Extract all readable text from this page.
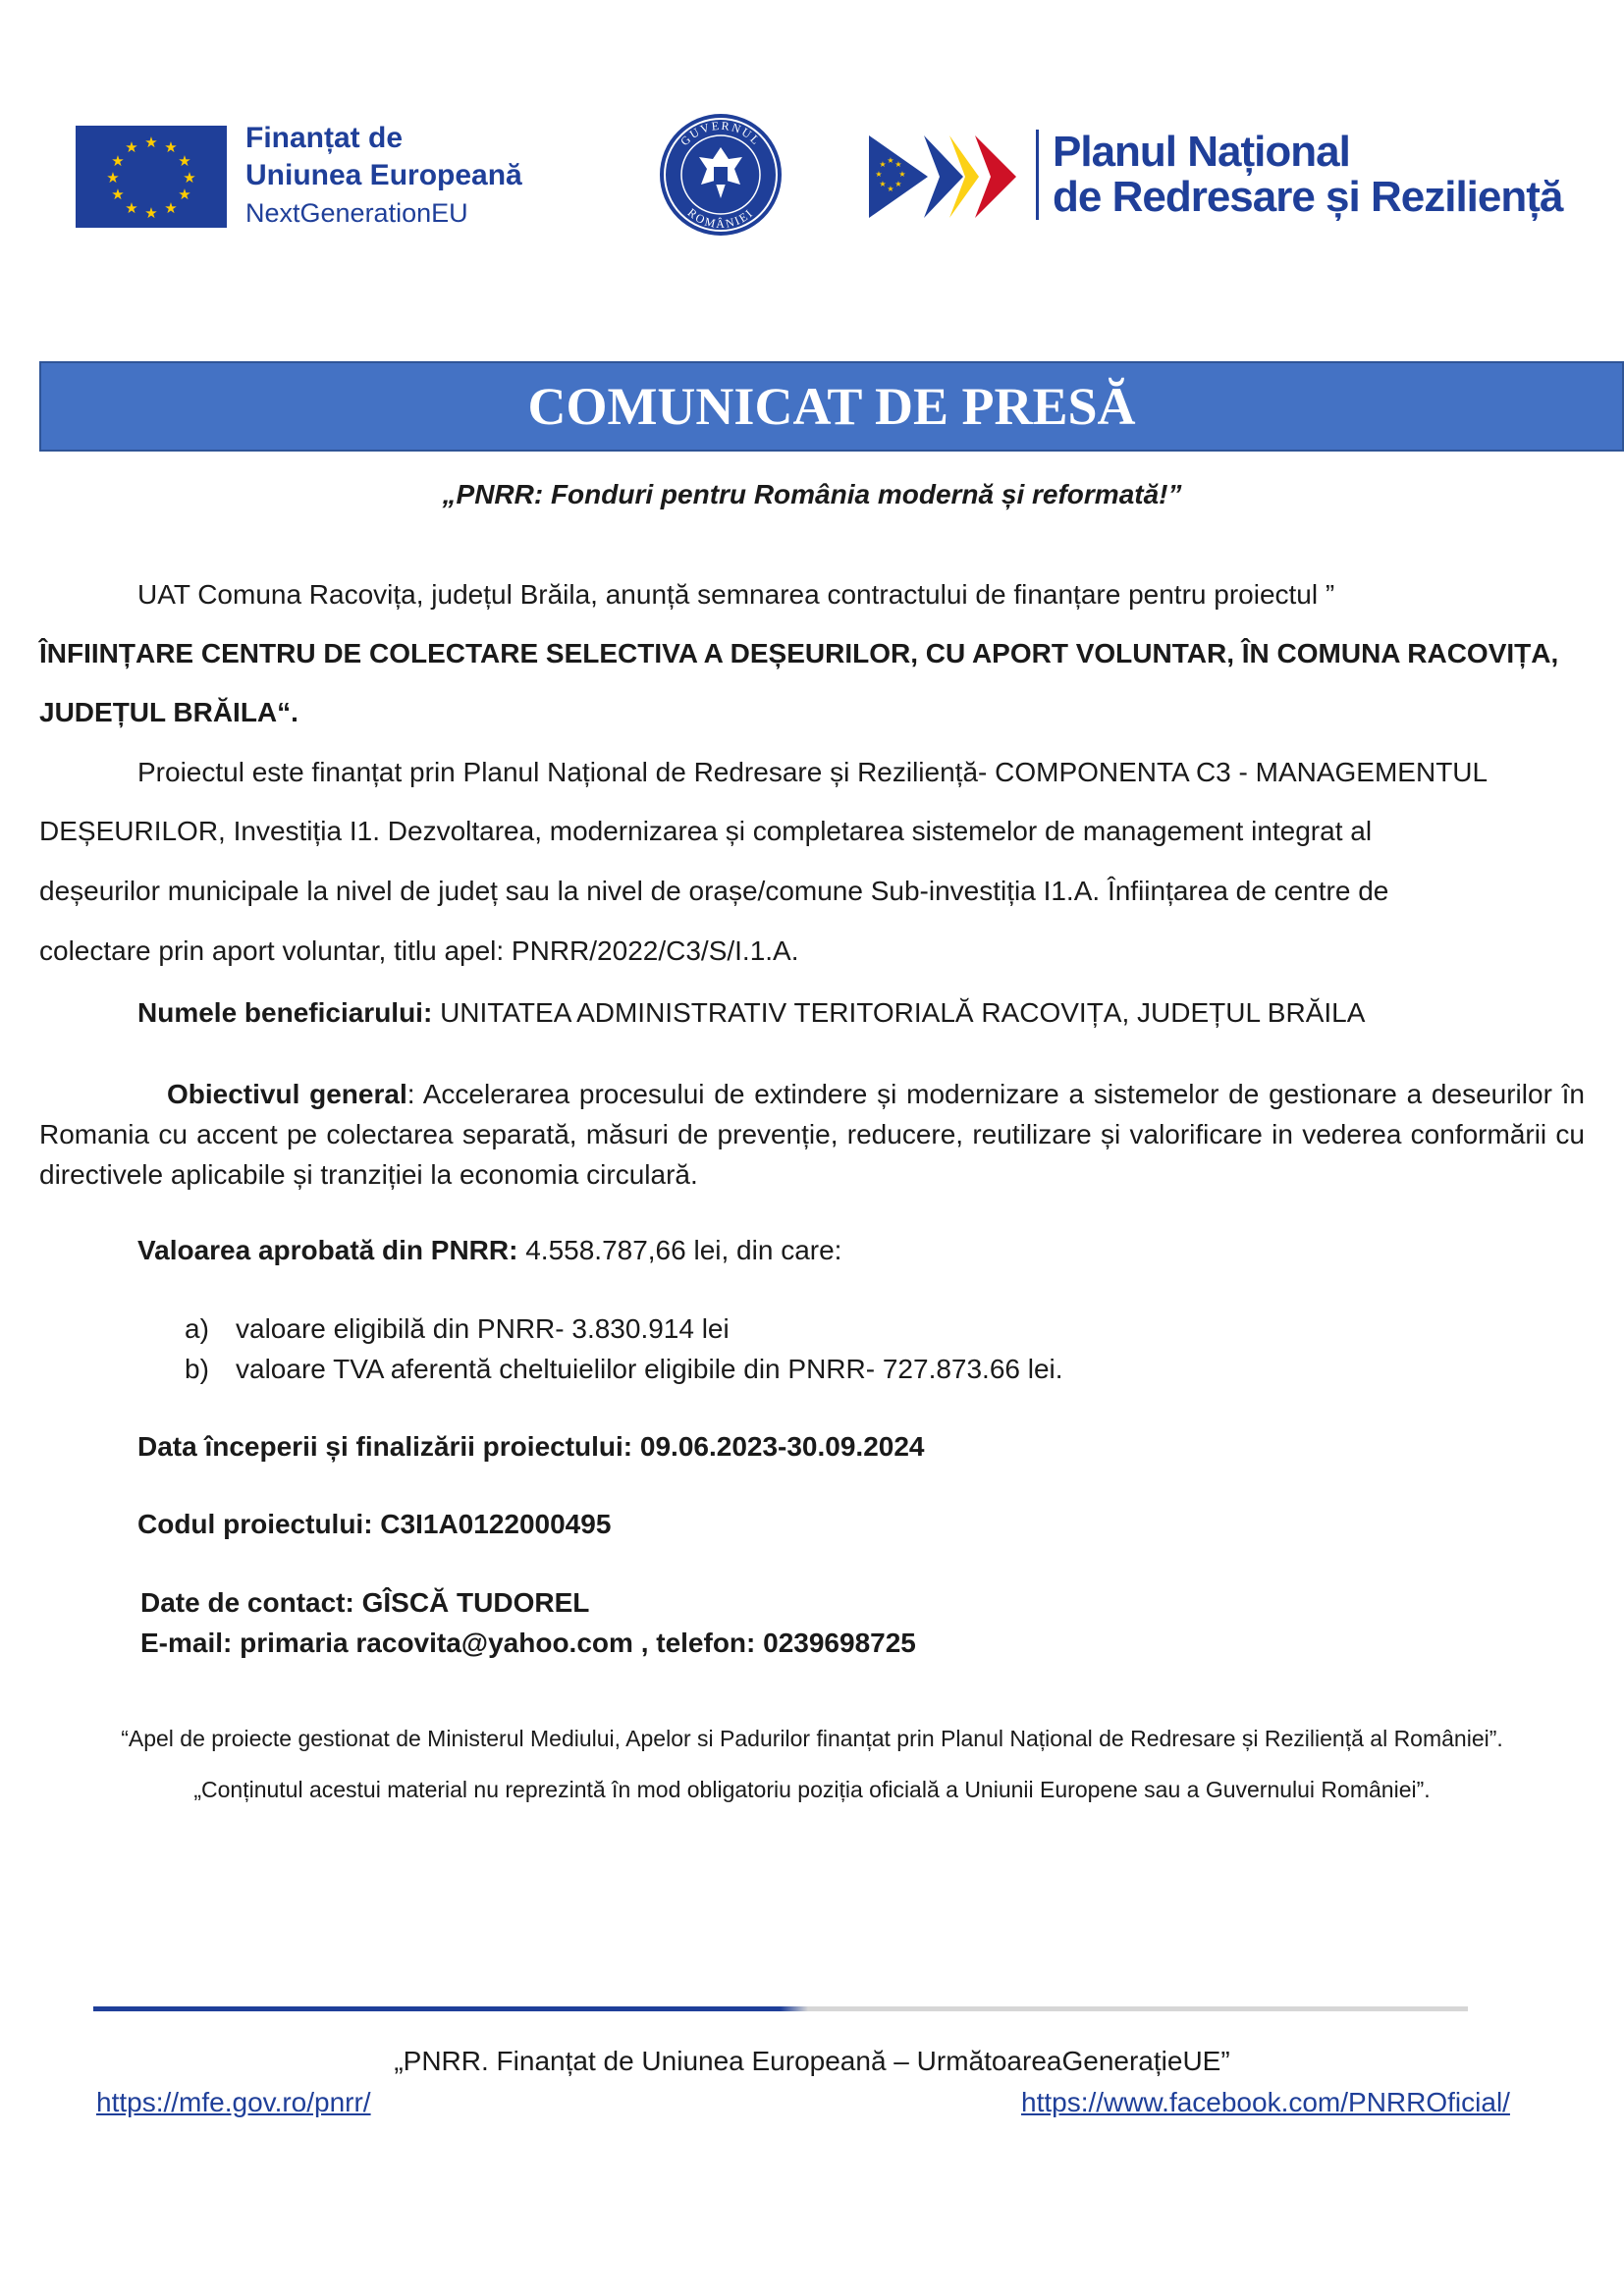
★ ★
★
★
★
★
★
★
★
★
★
★	Finanțat de
Uniunea Europeană
NextGenerationEU
GUVERNUL
ROMÂNIEI
★ ★
★
★
★
★
★
★	Planul Național
de Redresare și Reziliență
COMUNICAT DE PRESĂ
„PNRR: Fonduri pentru România modernă și reformată!”
UAT Comuna Racovița, județul Brăila, anunță semnarea contractului de finanțare pentru proiectul ”
ÎNFIINȚARE CENTRU DE COLECTARE SELECTIVA A DEȘEURILOR, CU APORT VOLUNTAR, ÎN COMUNA RACOVIȚA,
JUDEȚUL BRĂILA“.
Proiectul este finanțat prin Planul Național de Redresare și Reziliență- COMPONENTA C3 - MANAGEMENTUL
DEȘEURILOR, Investiția I1. Dezvoltarea, modernizarea și completarea sistemelor de management integrat al
deșeurilor municipale la nivel de județ sau la nivel de orașe/comune Sub-investiția I1.A. Înființarea de centre de
colectare prin aport voluntar, titlu apel: PNRR/2022/C3/S/I.1.A.
Numele beneficiarului: UNITATEA ADMINISTRATIV TERITORIALĂ RACOVIȚA, JUDEȚUL BRĂILA
Obiectivul general: Accelerarea procesului de extindere și modernizare a sistemelor de gestionare a deseurilor în Romania cu accent pe colectarea separată, măsuri de prevenție, reducere, reutilizare și valorificare in vederea conformării cu directivele aplicabile și tranziției la economia circulară.
Valoarea aprobată din PNRR: 4.558.787,66 lei, din care:
a) valoare eligibilă din PNRR- 3.830.914 lei
b) valoare TVA aferentă cheltuielilor eligibile din PNRR- 727.873.66 lei.
Data începerii și finalizării proiectului: 09.06.2023-30.09.2024
Codul proiectului: C3I1A0122000495
Date de contact: GÎSCĂ TUDOREL
E-mail: primaria racovita@yahoo.com , telefon: 0239698725
“Apel de proiecte gestionat de Ministerul Mediului, Apelor si Padurilor finanțat prin Planul Național de Redresare și Reziliență al României”.
„Conținutul acestui material nu reprezintă în mod obligatoriu poziția oficială a Uniunii Europene sau a Guvernului României”.
„PNRR. Finanțat de Uniunea Europeană – UrmătoareaGenerațieUE”
https://mfe.gov.ro/pnrr/	https://www.facebook.com/PNRROficial/
